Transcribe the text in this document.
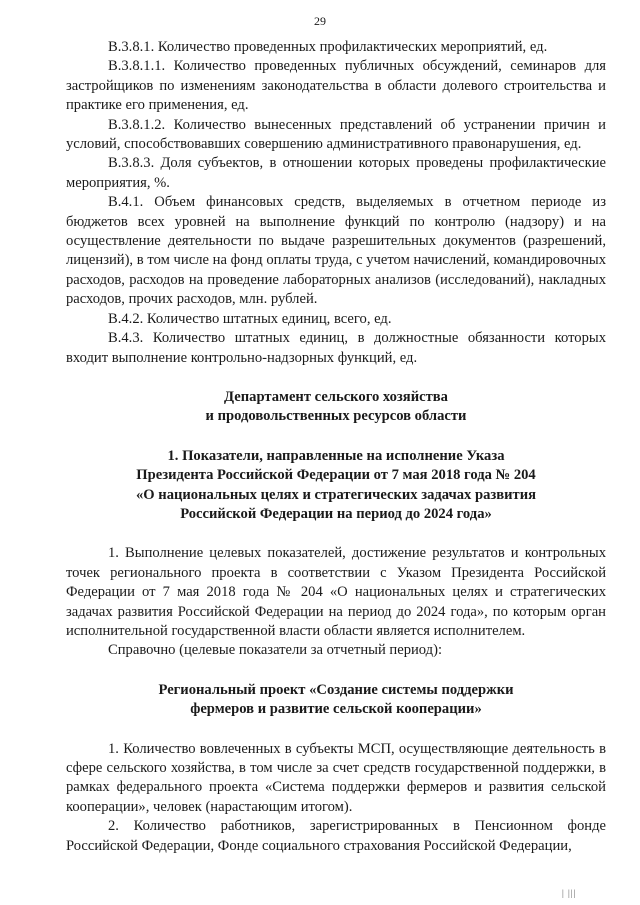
29

В.3.8.1. Количество проведенных профилактических мероприятий, ед.

В.3.8.1.1. Количество проведенных публичных обсуждений, семинаров для застройщиков по изменениям законодательства в области долевого строительства и практике его применения, ед.

В.3.8.1.2. Количество вынесенных представлений об устранении причин и условий, способствовавших совершению административного правонарушения, ед.

В.3.8.3. Доля субъектов, в отношении которых проведены профилактические мероприятия, %.

В.4.1. Объем финансовых средств, выделяемых в отчетном периоде из бюджетов всех уровней на выполнение функций по контролю (надзору) и на осуществление деятельности по выдаче разрешительных документов (разрешений, лицензий), в том числе на фонд оплаты труда, с учетом начислений, командировочных расходов, расходов на проведение лабораторных анализов (исследований), накладных расходов, прочих расходов, млн. рублей.

В.4.2. Количество штатных единиц, всего, ед.

В.4.3. Количество штатных единиц, в должностные обязанности которых входит выполнение контрольно-надзорных функций, ед.

Департамент сельского хозяйства
и продовольственных ресурсов области
1. Показатели, направленные на исполнение Указа
Президента Российской Федерации от 7 мая 2018 года № 204
«О национальных целях и стратегических задачах развития
Российской Федерации на период до 2024 года»

1. Выполнение целевых показателей, достижение результатов и контрольных точек регионального проекта в соответствии с Указом Президента Российской Федерации от 7 мая 2018 года № 204 «О национальных целях и стратегических задачах развития Российской Федерации на период до 2024 года», по которым орган исполнительной государственной власти области является исполнителем.

Справочно (целевые показатели за отчетный период):

Региональный проект «Создание системы поддержки
фермеров и развитие сельской кооперации»

1. Количество вовлеченных в субъекты МСП, осуществляющие деятельность в сфере сельского хозяйства, в том числе за счет средств государственной поддержки, в рамках федерального проекта «Система поддержки фермеров и развития сельской кооперации», человек (нарастающим итогом).

2. Количество работников, зарегистрированных в Пенсионном фонде Российской Федерации, Фонде социального страхования Российской Федерации,

| |||
